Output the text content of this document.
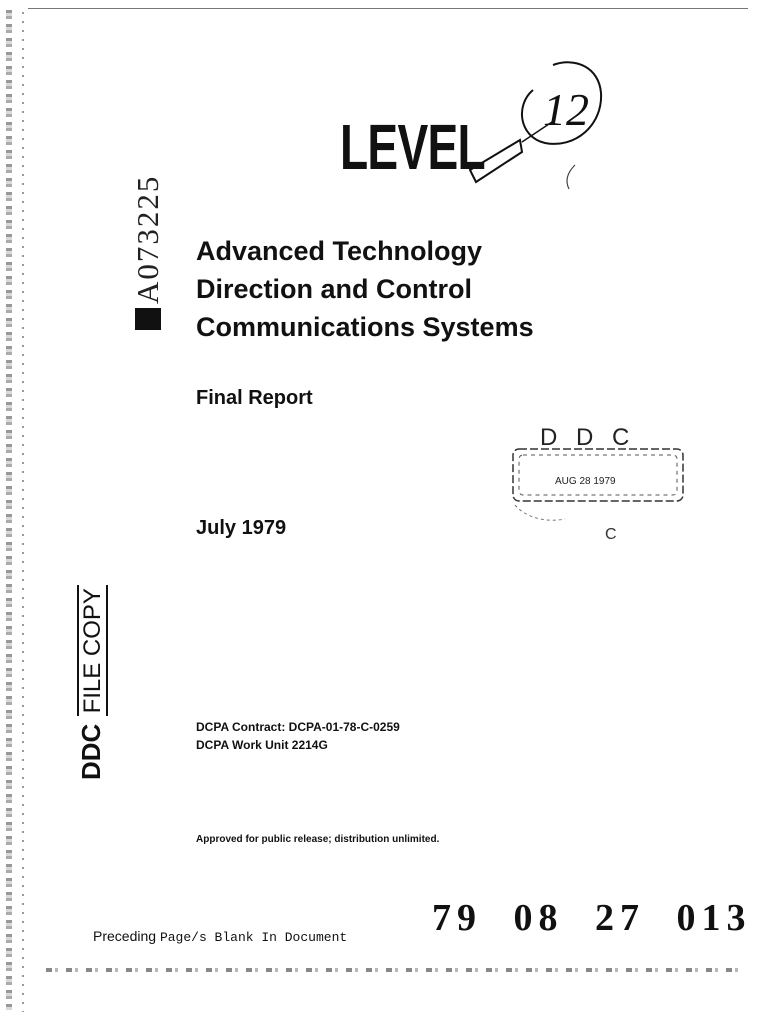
A073225
LEVEL
12
Advanced Technology
Direction and Control
Communications Systems
Final Report
D D C
AUG 28 1979
C
July 1979
DDC FILE COPY
DCPA Contract: DCPA-01-78-C-0259
DCPA Work Unit 2214G
Approved for public release; distribution unlimited.
Preceding Page/s Blank In Document 79 08 27 013
